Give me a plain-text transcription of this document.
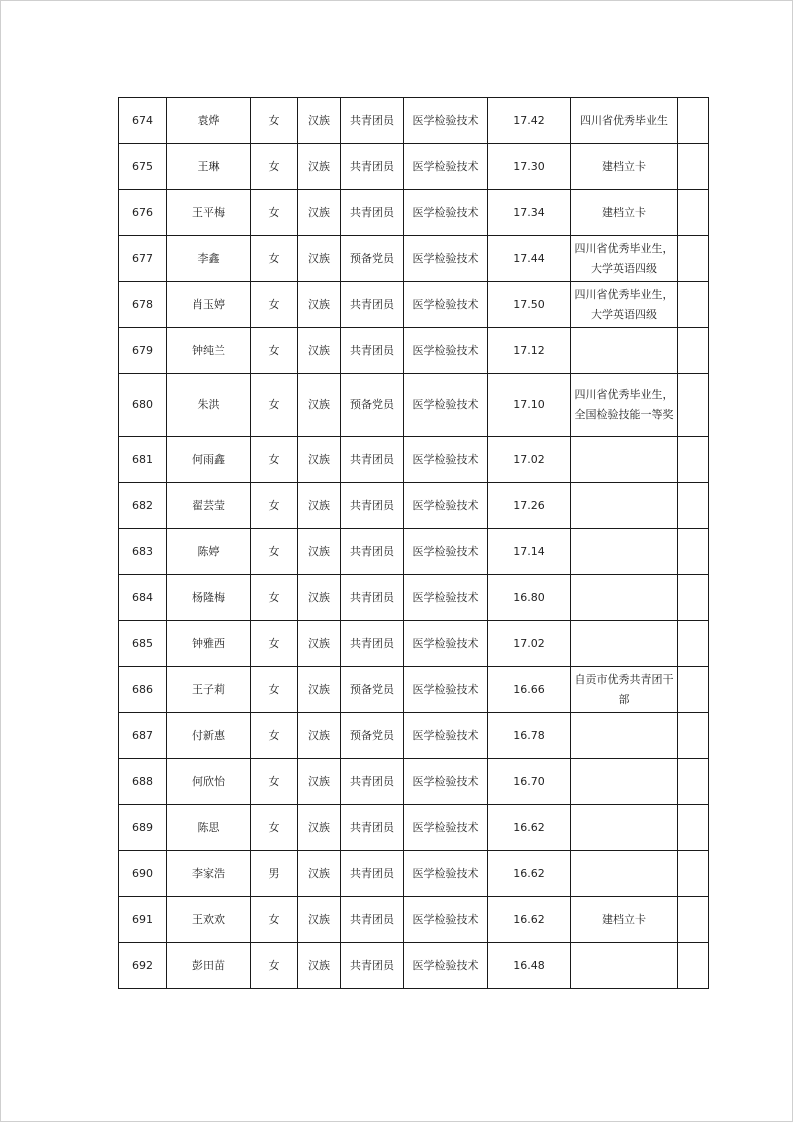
674	袁烨	女	汉族	共青团员	医学检验技术	17.42	四川省优秀毕业生	
675	王琳	女	汉族	共青团员	医学检验技术	17.30	建档立卡	
676	王平梅	女	汉族	共青团员	医学检验技术	17.34	建档立卡	
677	李鑫	女	汉族	预备党员	医学检验技术	17.44	四川省优秀毕业生，大学英语四级	
678	肖玉婷	女	汉族	共青团员	医学检验技术	17.50	四川省优秀毕业生，大学英语四级	
679	钟纯兰	女	汉族	共青团员	医学检验技术	17.12		
680	朱洪	女	汉族	预备党员	医学检验技术	17.10	四川省优秀毕业生，全国检验技能一等奖	
681	何雨鑫	女	汉族	共青团员	医学检验技术	17.02		
682	翟芸莹	女	汉族	共青团员	医学检验技术	17.26		
683	陈婷	女	汉族	共青团员	医学检验技术	17.14		
684	杨隆梅	女	汉族	共青团员	医学检验技术	16.80		
685	钟雅西	女	汉族	共青团员	医学检验技术	17.02		
686	王子莉	女	汉族	预备党员	医学检验技术	16.66	自贡市优秀共青团干部	
687	付新惠	女	汉族	预备党员	医学检验技术	16.78		
688	何欣怡	女	汉族	共青团员	医学检验技术	16.70		
689	陈思	女	汉族	共青团员	医学检验技术	16.62		
690	李家浩	男	汉族	共青团员	医学检验技术	16.62		
691	王欢欢	女	汉族	共青团员	医学检验技术	16.62	建档立卡	
692	彭田苗	女	汉族	共青团员	医学检验技术	16.48		
